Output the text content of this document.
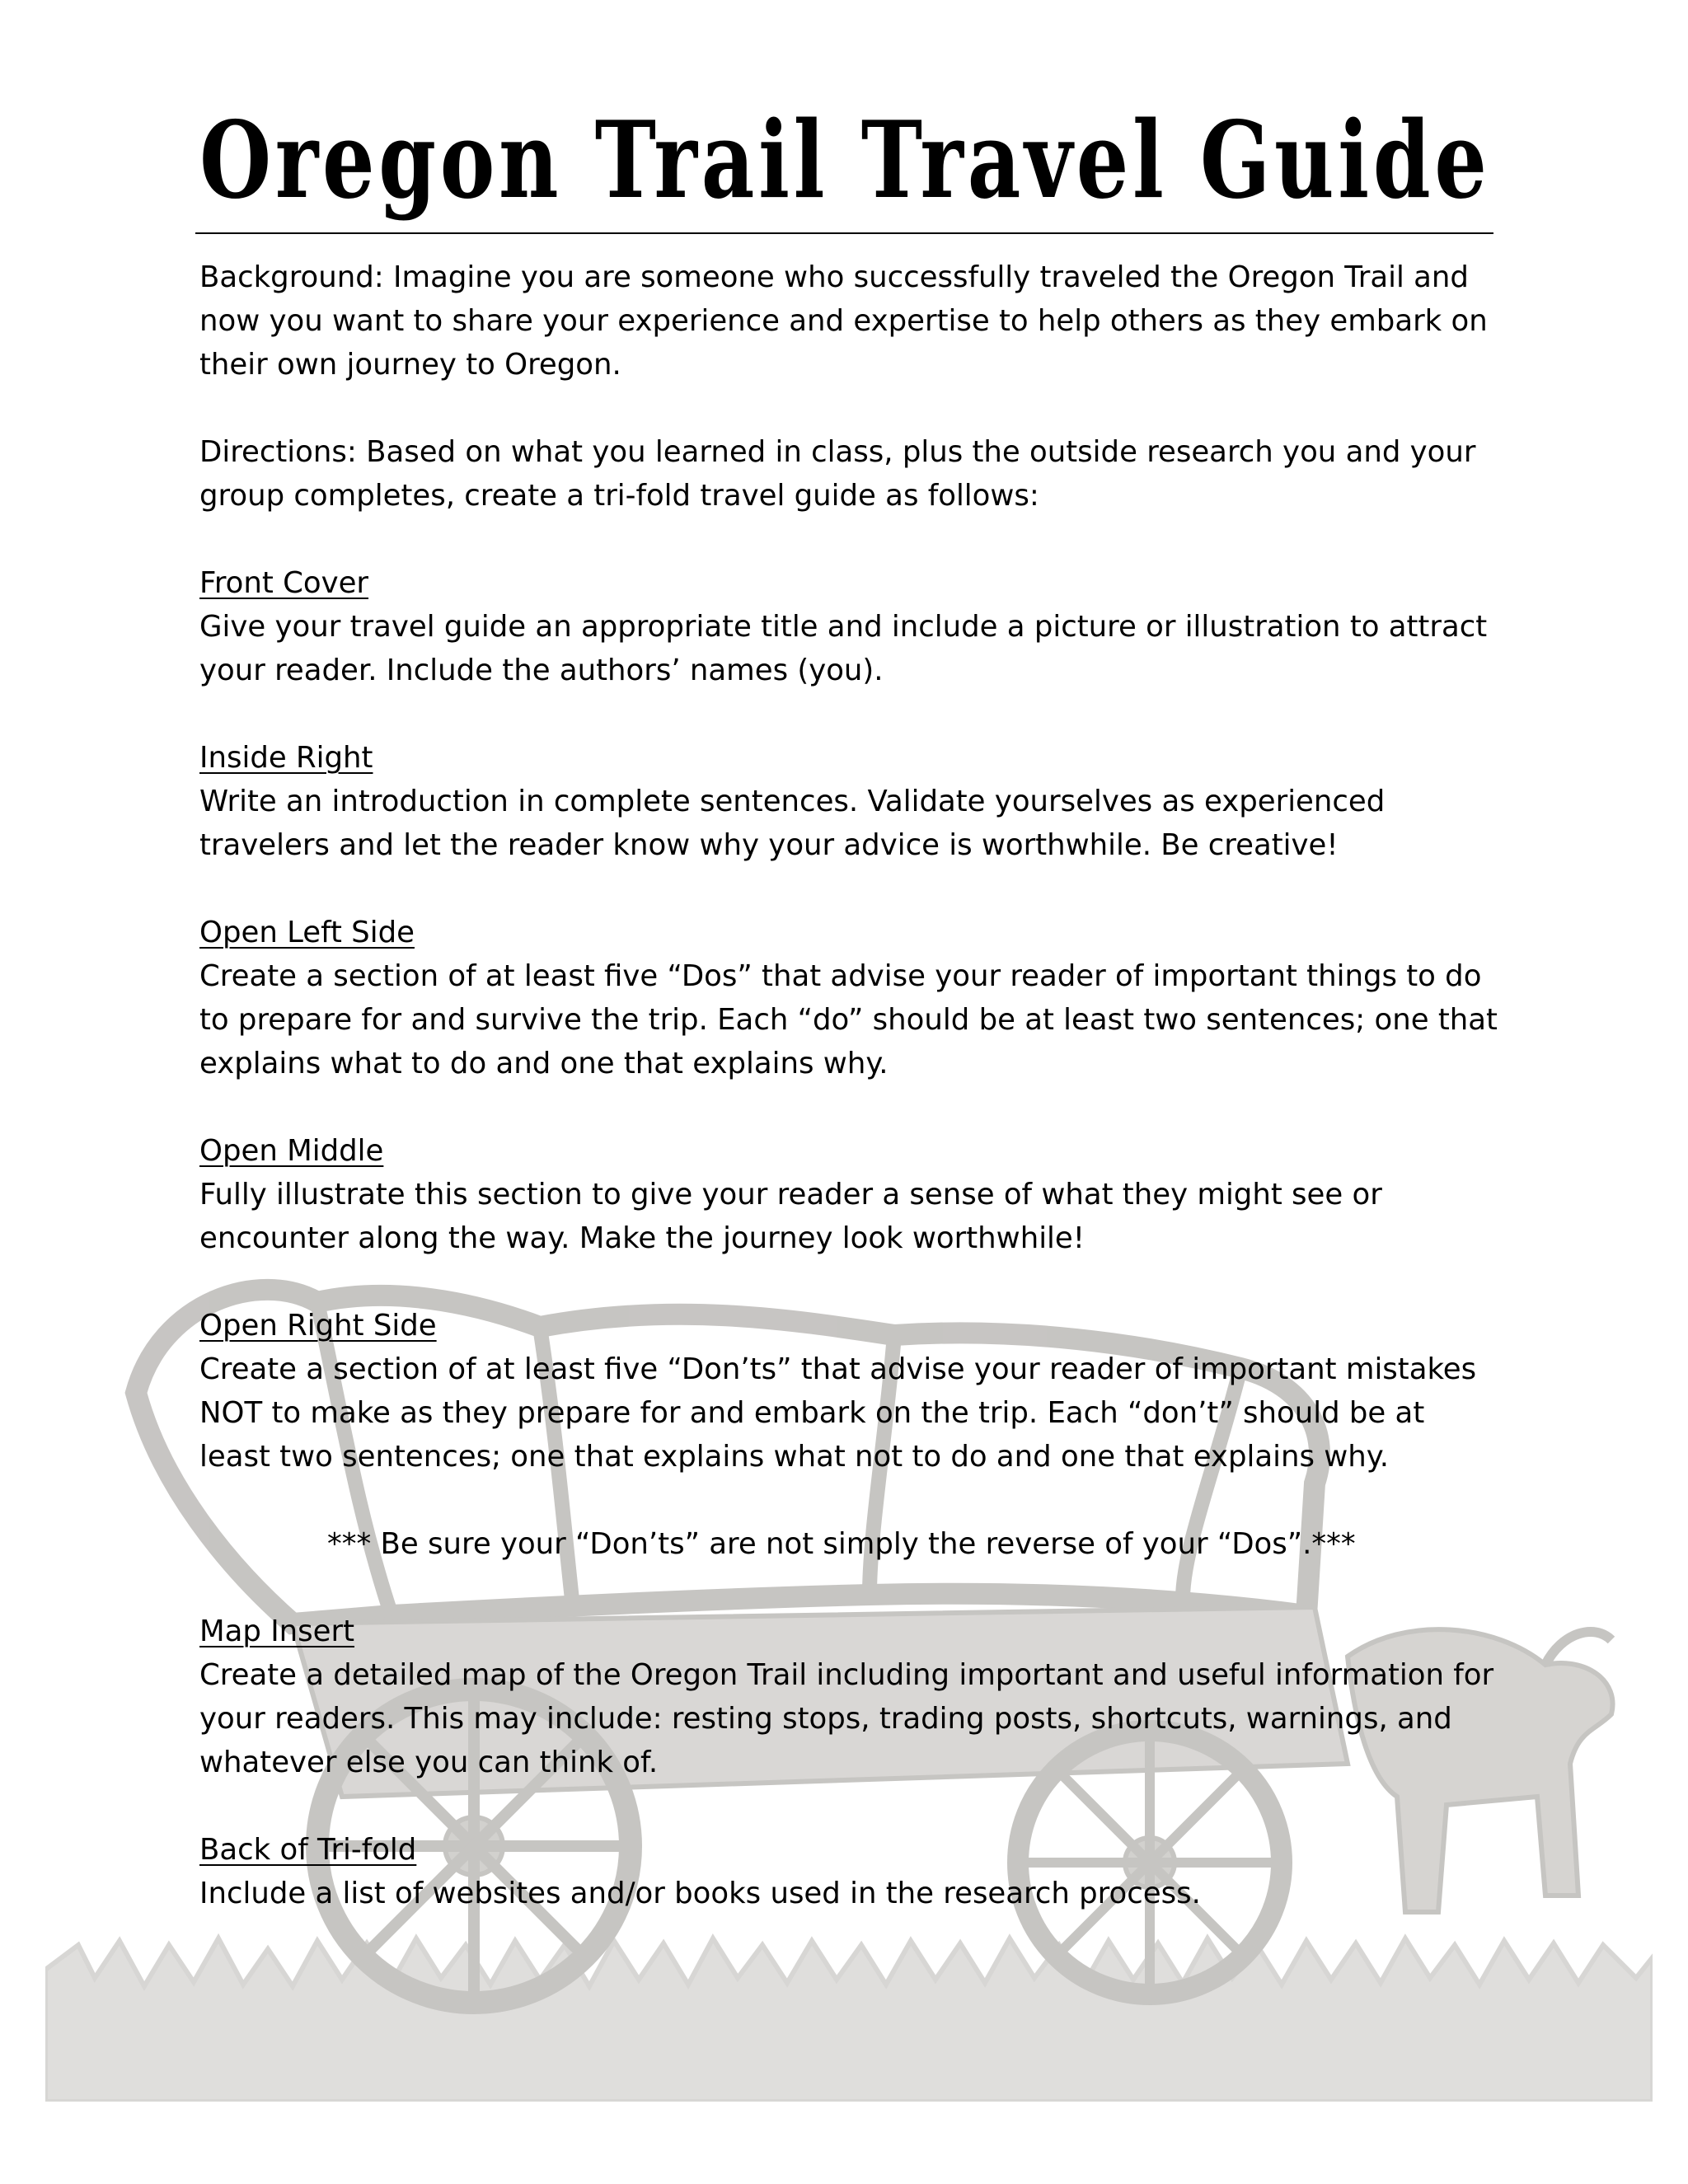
Oregon Trail Travel Guide

Background: Imagine you are someone who successfully traveled the Oregon Trail and now you want to share your experience and expertise to help others as they embark on their own journey to Oregon.

Directions: Based on what you learned in class, plus the outside research you and your group completes, create a tri-fold travel guide as follows:

Front Cover
Give your travel guide an appropriate title and include a picture or illustration to attract your reader. Include the authors’ names (you).
Inside Right
Write an introduction in complete sentences. Validate yourselves as experienced travelers and let the reader know why your advice is worthwhile. Be creative!
Open Left Side
Create a section of at least five “Dos” that advise your reader of important things to do to prepare for and survive the trip. Each “do” should be at least two sentences; one that explains what to do and one that explains why.
Open Middle
Fully illustrate this section to give your reader a sense of what they might see or encounter along the way. Make the journey look worthwhile!
Open Right Side
Create a section of at least five “Don’ts” that advise your reader of important mistakes NOT to make as they prepare for and embark on the trip. Each “don’t” should be at least two sentences; one that explains what not to do and one that explains why.
*** Be sure your “Don’ts” are not simply the reverse of your “Dos”.***
Map Insert
Create a detailed map of the Oregon Trail including important and useful information for your readers. This may include: resting stops, trading posts, shortcuts, warnings, and whatever else you can think of.
Back of Tri-fold
Include a list of websites and/or books used in the research process.
